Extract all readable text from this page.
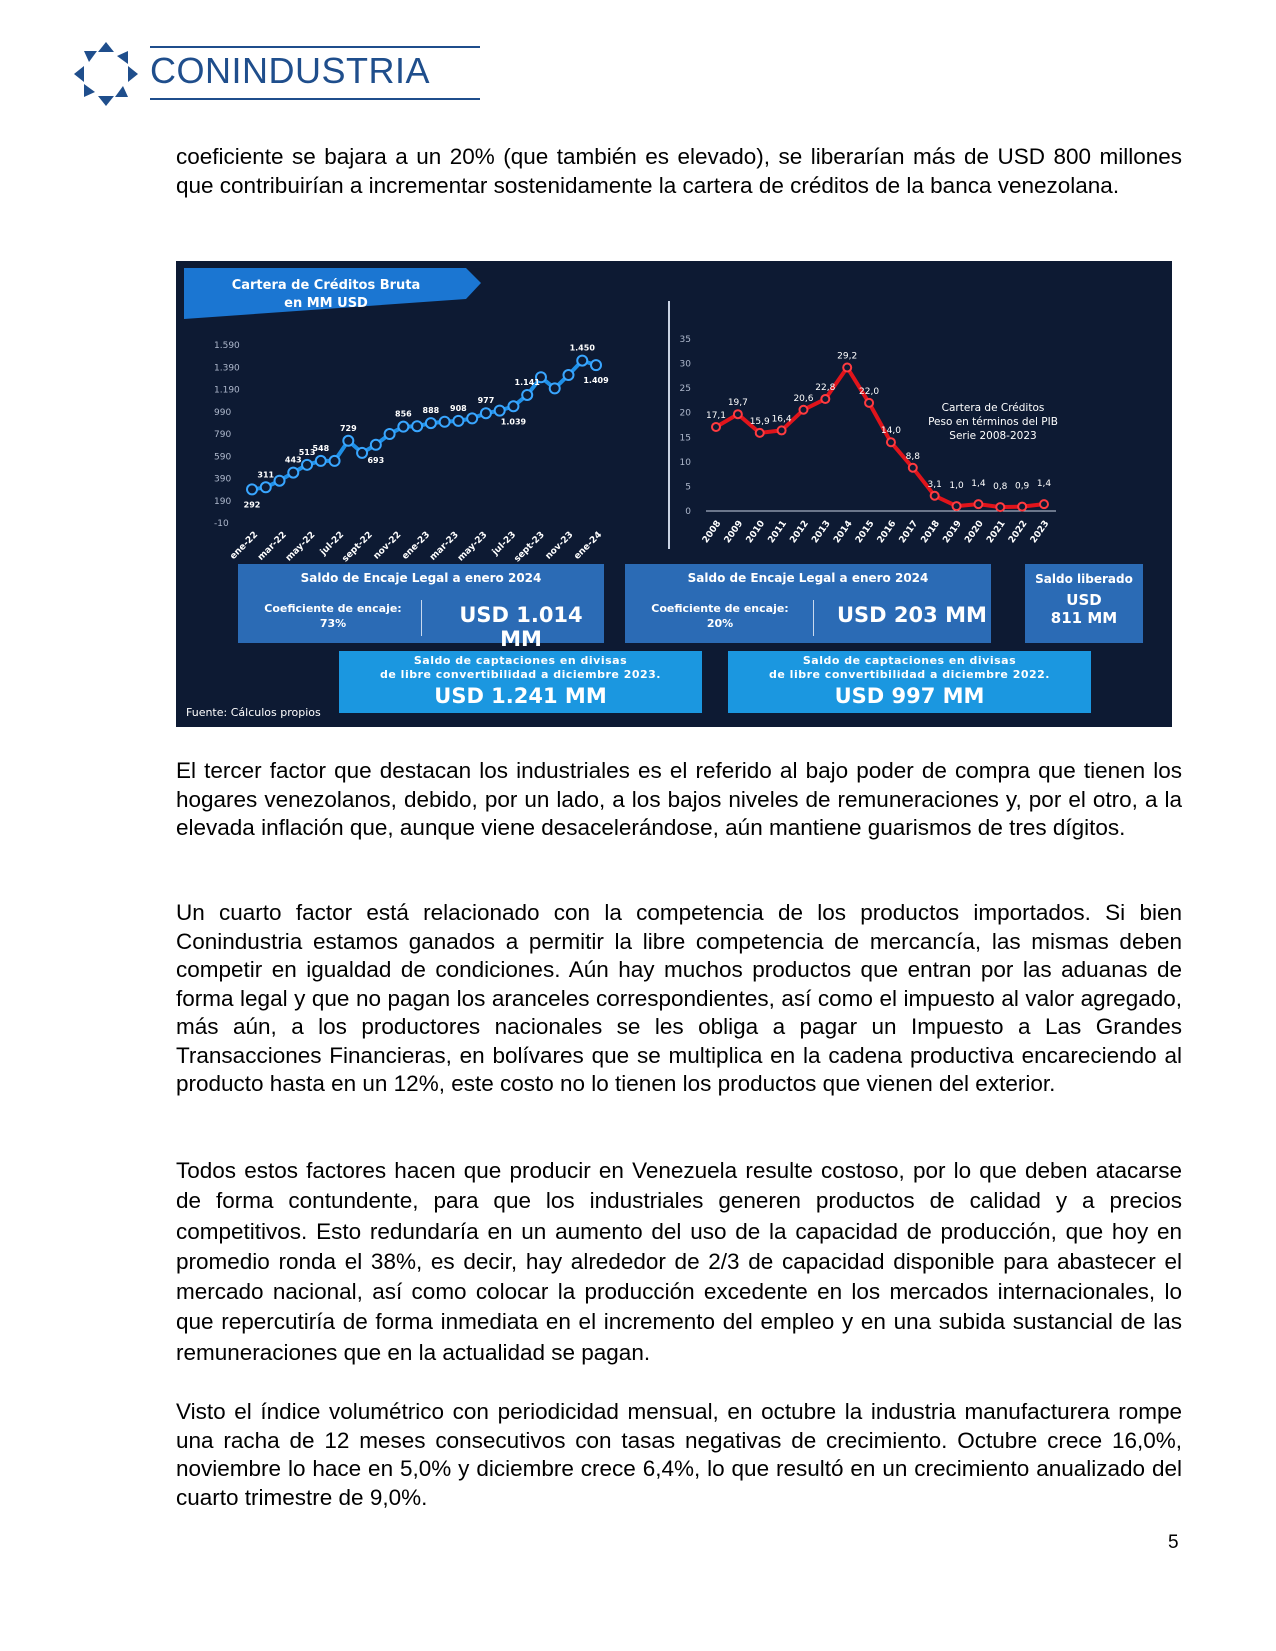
CONINDUSTRIA

coeficiente se bajara a un 20% (que también es elevado), se liberarían más de USD 800 millones que contribuirían a incrementar sostenidamente la cartera de créditos de la banca venezolana.

Cartera de Créditos Bruta
en MM USD
1.590
1.390
1.190
990
790
590
390
190
-10
292
311
443
513
548
729
693
856 888 908
977
1.039
1.141
1.450
1.409
ene-22
mar-22
may-22 jul-22
sept-22
nov-22
ene-23
mar-23
may-23 jul-23
sept-23
nov-23
ene-24
35
30
25
20
15
10
5
0
17,1
19,7
15,9 16,4
20,6
22,8
29,2
22,0
14,0
8,8
3,1 1,0 1,4 0,8 0,9 1,4
2008 2009 2010 2011 2012 2013 2014 2015 2016 2017 2018 2019 2020 2021 2022 2023
Cartera de Créditos
Peso en términos del PIB
Serie 2008-2023
Saldo de Encaje Legal a enero 2024
Coeficiente de encaje:
73%	USD 1.014 MM
Saldo de Encaje Legal a enero 2024
Coeficiente de encaje:
20%	USD 203 MM
Saldo liberado
USD
811 MM
Saldo de captaciones en divisas
de libre convertibilidad a diciembre 2023.
USD 1.241 MM
Saldo de captaciones en divisas
de libre convertibilidad a diciembre 2022.
USD 997 MM
Fuente: Cálculos propios

El tercer factor que destacan los industriales es el referido al bajo poder de compra que tienen los hogares venezolanos, debido, por un lado, a los bajos niveles de remuneraciones y, por el otro, a la elevada inflación que, aunque viene desacelerándose, aún mantiene guarismos de tres dígitos.

Un cuarto factor está relacionado con la competencia de los productos importados. Si bien Conindustria estamos ganados a permitir la libre competencia de mercancía, las mismas deben competir en igualdad de condiciones. Aún hay muchos productos que entran por las aduanas de forma legal y que no pagan los aranceles correspondientes, así como el impuesto al valor agregado, más aún, a los productores nacionales se les obliga a pagar un Impuesto a Las Grandes Transacciones Financieras, en bolívares que se multiplica en la cadena productiva encareciendo al producto hasta en un 12%, este costo no lo tienen los productos que vienen del exterior.

Todos estos factores hacen que producir en Venezuela resulte costoso, por lo que deben atacarse de forma contundente, para que los industriales generen productos de calidad y a precios competitivos. Esto redundaría en un aumento del uso de la capacidad de producción, que hoy en promedio ronda el 38%, es decir, hay alrededor de 2/3 de capacidad disponible para abastecer el mercado nacional, así como colocar la producción excedente en los mercados internacionales, lo que repercutiría de forma inmediata en el incremento del empleo y en una subida sustancial de las remuneraciones que en la actualidad se pagan.

Visto el índice volumétrico con periodicidad mensual, en octubre la industria manufacturera rompe una racha de 12 meses consecutivos con tasas negativas de crecimiento. Octubre crece 16,0%, noviembre lo hace en 5,0% y diciembre crece 6,4%, lo que resultó en un crecimiento anualizado del cuarto trimestre de 9,0%.

5
